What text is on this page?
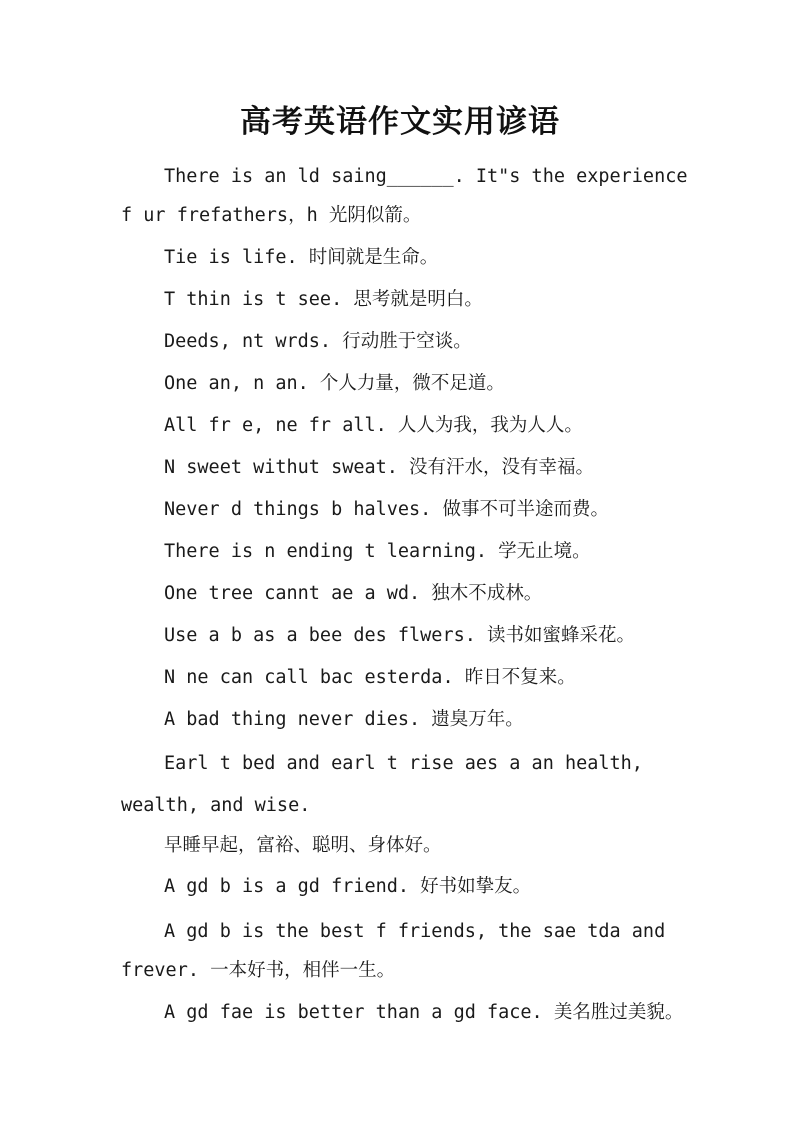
高考英语作文实用谚语
There is an ld saing______. It"s the experience
f ur frefathers，h 光阴似箭。
Tie is life. 时间就是生命。
T thin is t see. 思考就是明白。
Deeds, nt wrds. 行动胜于空谈。
One an, n an. 个人力量，微不足道。
All fr e, ne fr all. 人人为我，我为人人。
N sweet withut sweat. 没有汗水，没有幸福。
Never d things b halves. 做事不可半途而费。
There is n ending t learning. 学无止境。
One tree cannt ae a wd. 独木不成林。
Use a b as a bee des flwers. 读书如蜜蜂采花。
N ne can call bac esterda. 昨日不复来。
A bad thing never dies. 遗臭万年。
Earl t bed and earl t rise aes a an health,
wealth, and wise.
早睡早起，富裕、聪明、身体好。
A gd b is a gd friend. 好书如挚友。
A gd b is the best f friends, the sae tda and
frever. 一本好书，相伴一生。
A gd fae is better than a gd face. 美名胜过美貌。
